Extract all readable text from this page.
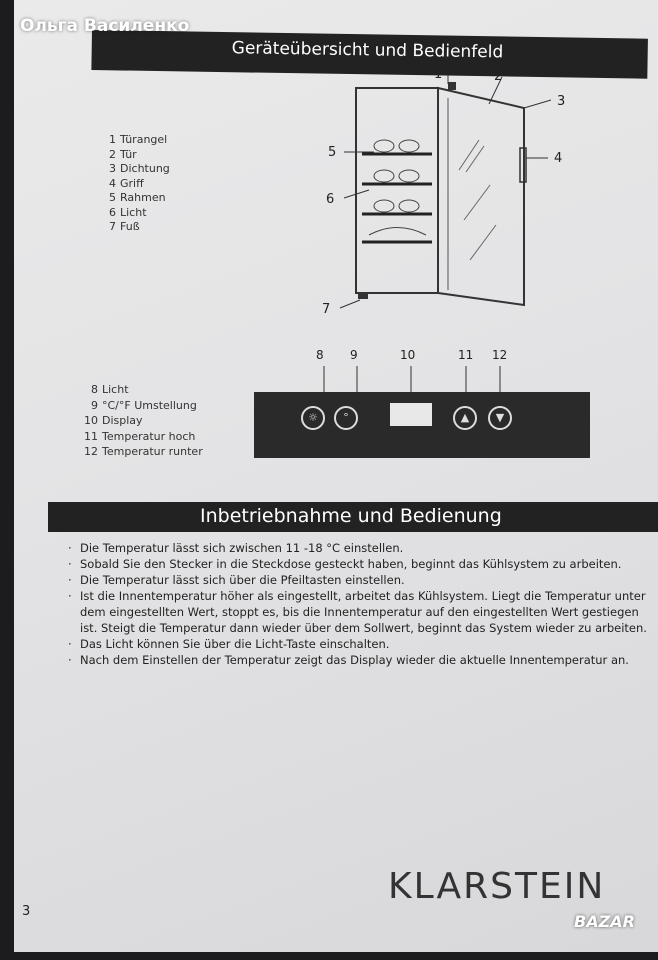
Geräteübersicht und Bedienfeld
1 Türangel
2 Tür
3 Dichtung
4 Griff
5 Rahmen
6 Licht
7 Fuß
1	2
3
4
5
6
7
8 Licht
9 °C/°F Umstellung
10 Display
11 Temperatur hoch
12 Temperatur runter
8 9	10	11 12
☼	°	▲	▼
Inbetriebnahme und Bedienung
· Die Temperatur lässt sich zwischen 11 -18 °C einstellen.
· Sobald Sie den Stecker in die Steckdose gesteckt haben, beginnt das Kühlsystem zu arbeiten.
· Die Temperatur lässt sich über die Pfeiltasten einstellen.
· Ist die Innentemperatur höher als eingestellt, arbeitet das Kühlsystem. Liegt die Temperatur unter dem eingestellten Wert, stoppt es, bis die Innentemperatur auf den eingestellten Wert gestiegen ist. Steigt die Temperatur dann wieder über dem Sollwert, beginnt das System wieder zu arbeiten.
· Das Licht können Sie über die Licht-Taste einschalten.
· Nach dem Einstellen der Temperatur zeigt das Display wieder die aktuelle Innentemperatur an.
3
KLARSTEIN
Ольга Василенко
BAZAR
